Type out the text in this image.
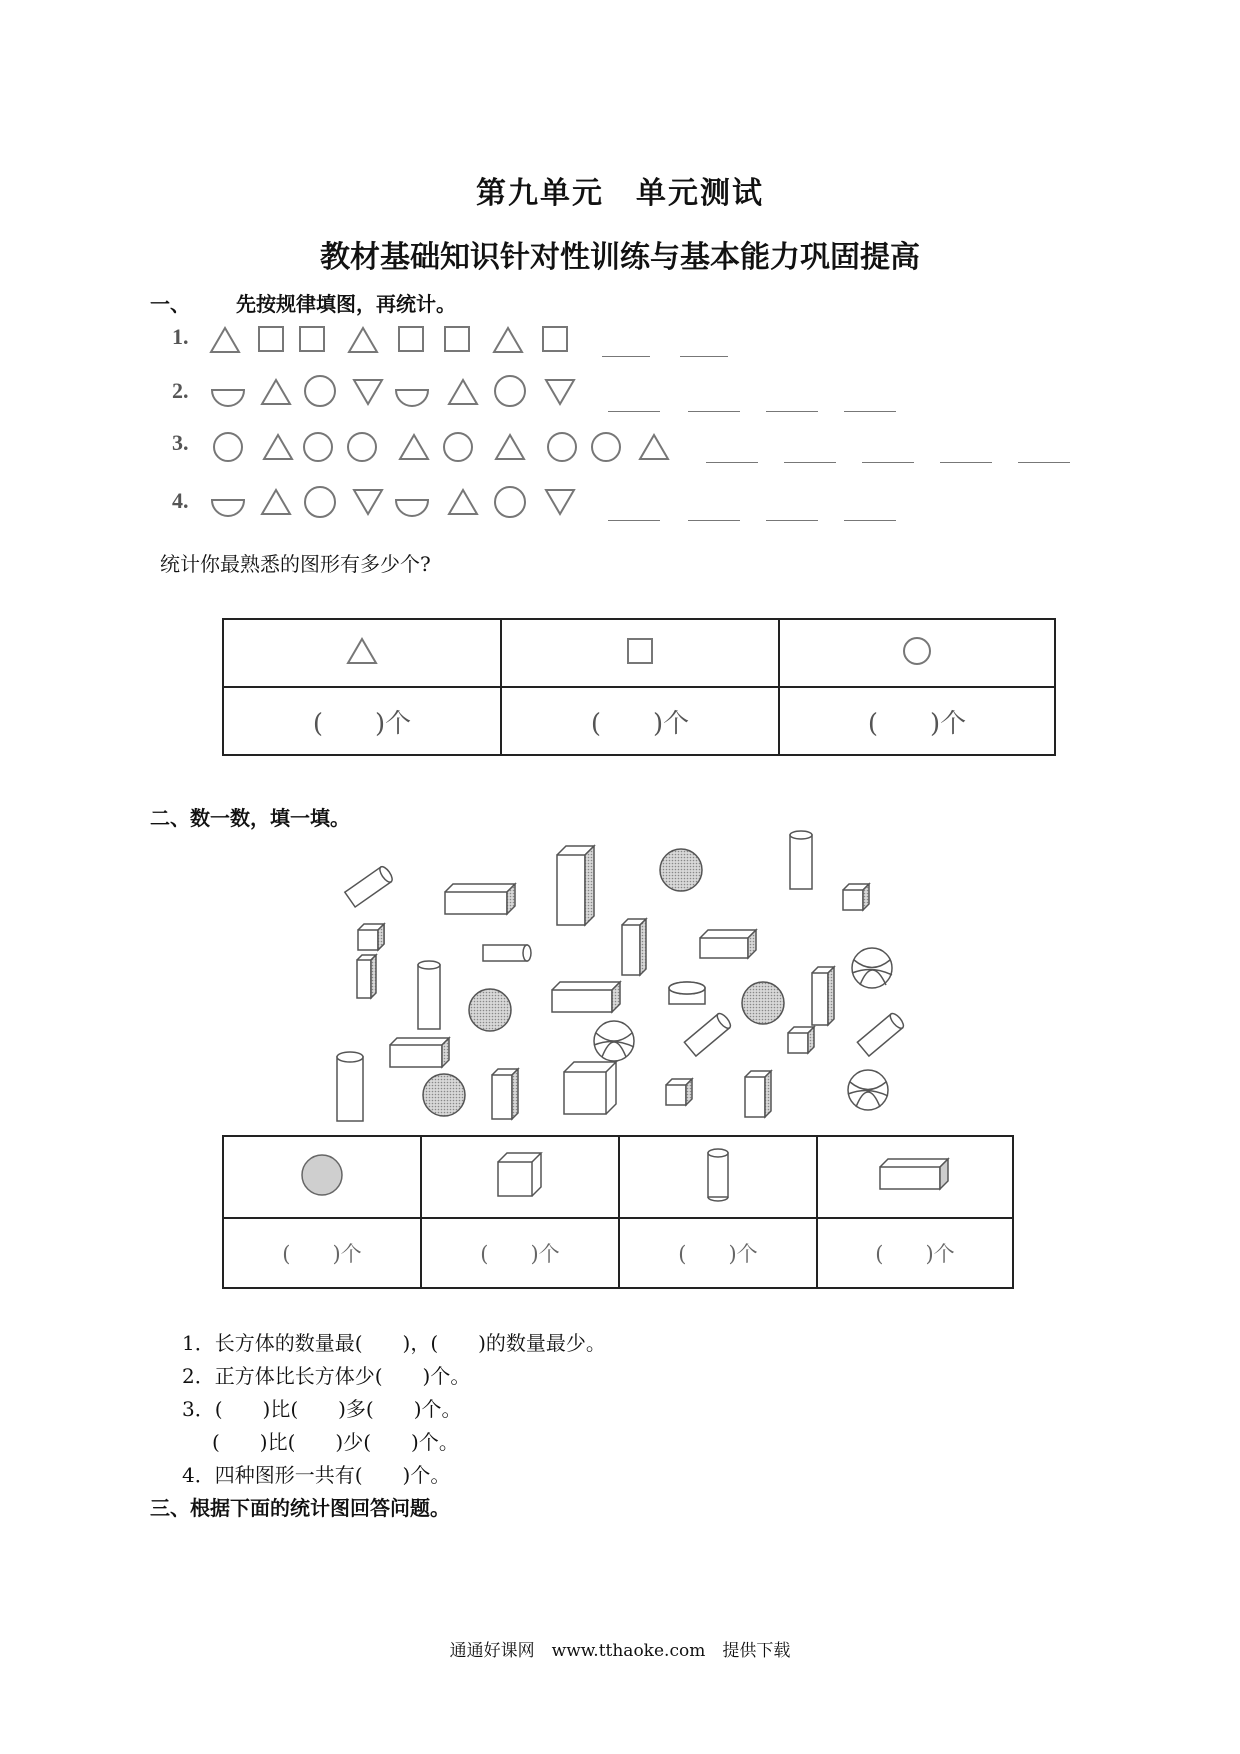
第九单元　单元测试
教材基础知识针对性训练与基本能力巩固提高
一、 先按规律填图，再统计。
1.
2.
3.
4.
统计你最熟悉的图形有多少个?

(　　)个	(　　)个	(　　)个
二、数一数，填一填。

(　　)个	(　　)个	(　　)个	(　　)个
1．长方体的数量最(　　)，(　　)的数量最少。
2．正方体比长方体少(　　)个。
3．(　　)比(　　)多(　　)个。
(　　)比(　　)少(　　)个。
4．四种图形一共有(　　)个。
三、根据下面的统计图回答问题。
通通好课网　www.tthaoke.com　提供下载
